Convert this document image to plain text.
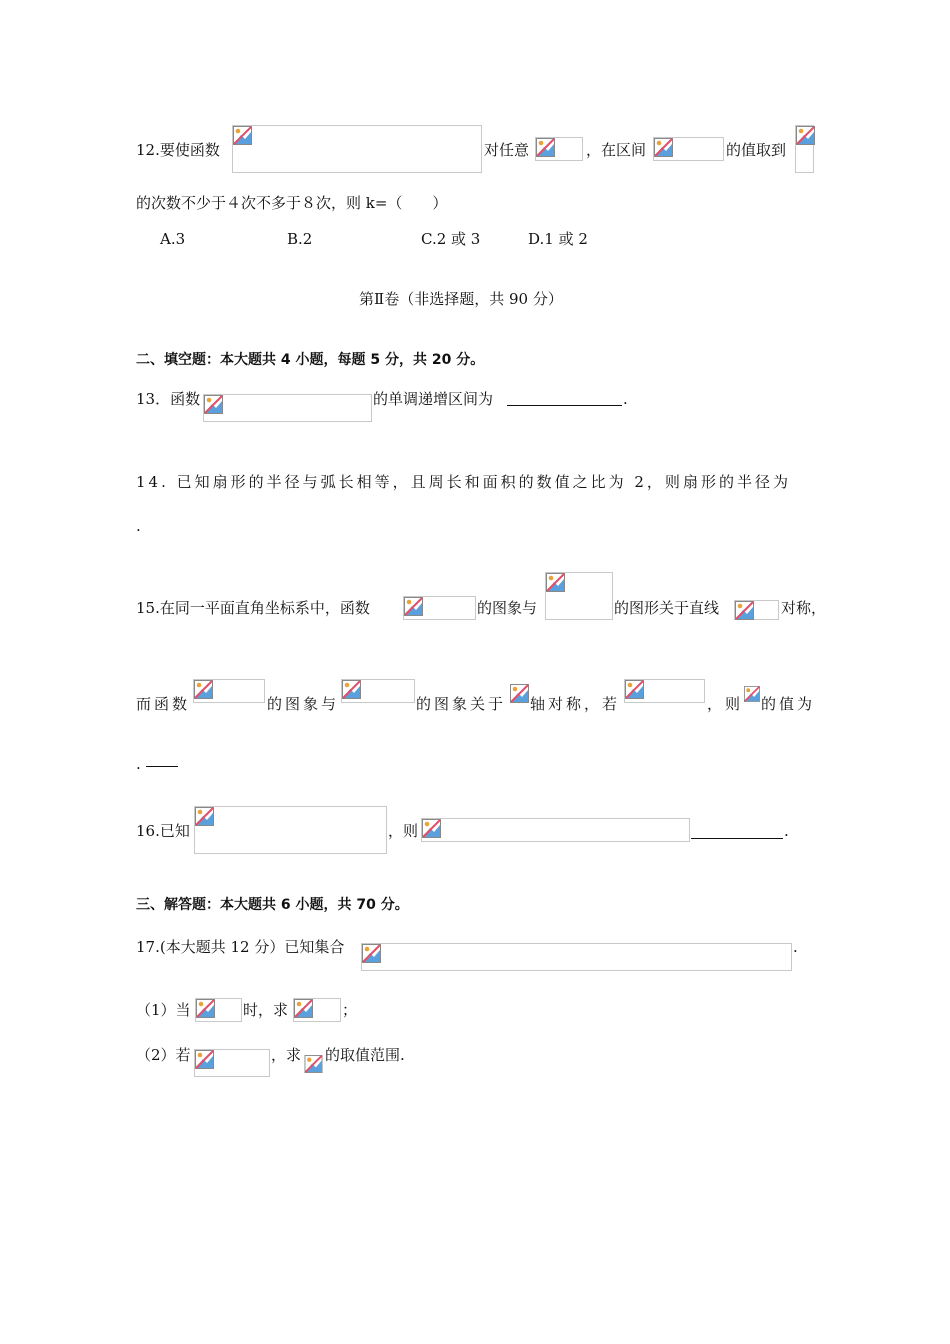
12.要使函数	对任意	，在区间	的值取到
的次数不少于４次不多于８次，则 k=（　　）
A.3	B.2	C.2 或 3	D.1 或 2
第Ⅱ卷（非选择题，共 90 分）
二、填空题：本大题共 4 小题，每题 5 分，共 20 分。
13．函数	的单调递增区间为	.
14. 已知扇形的半径与弧长相等，且周长和面积的数值之比为 2，则扇形的半径为
.
15.在同一平面直角坐标系中，函数	的图象与	的图形关于直线	对称，
而函数	的图象与	的图象关于 轴对称，若	，则 的值为
.
16.已知	，则	.
三、解答题：本大题共 6 小题，共 70 分。
17.(本大题共 12 分）已知集合	.
（1）当	时，求	；
（2）若	，求 的取值范围.
